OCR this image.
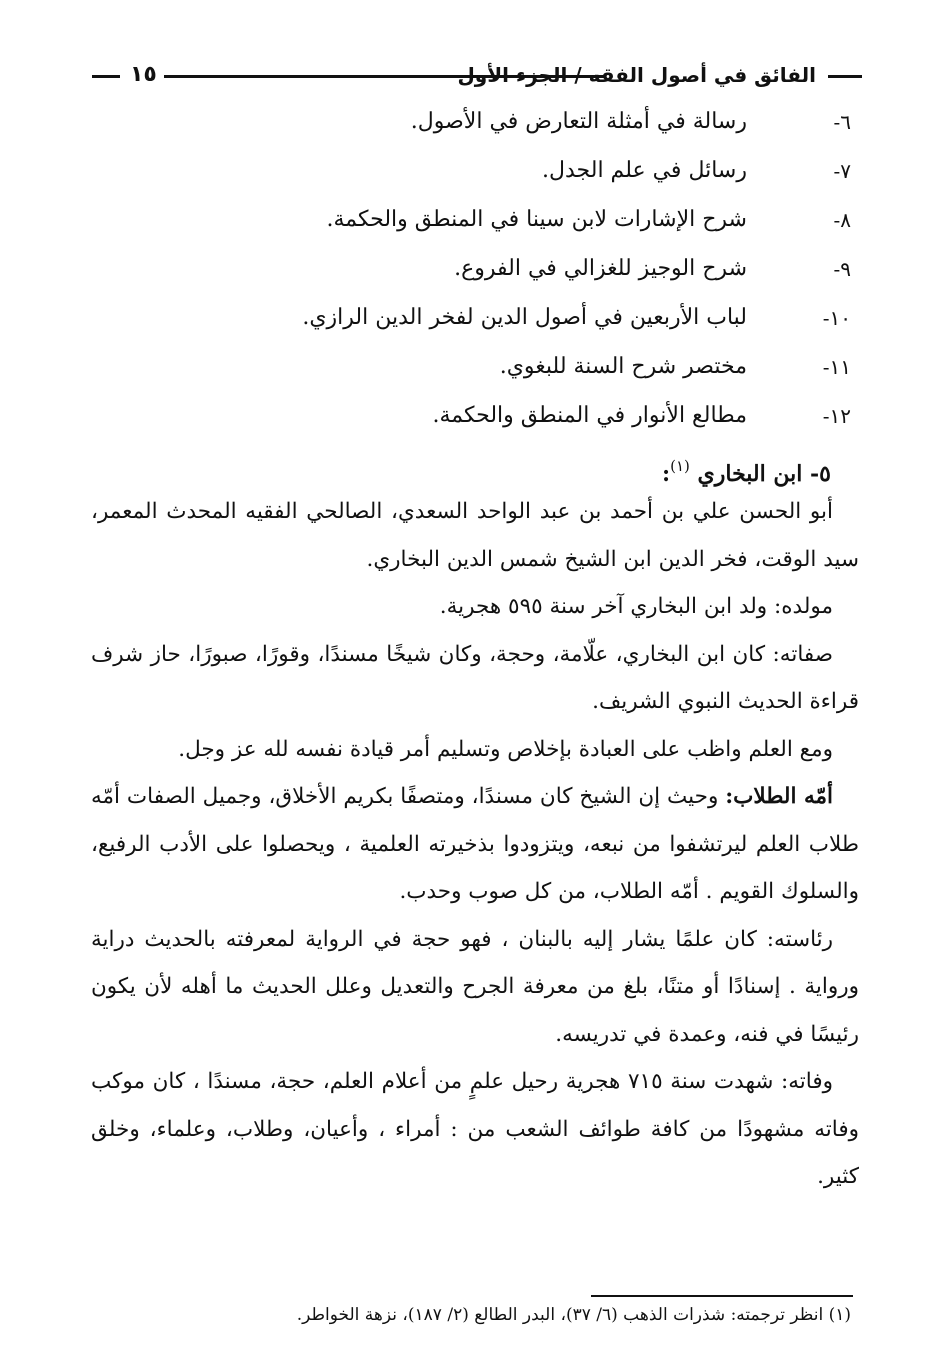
١٥	الفائق في أصول الفقه / الجزء الأول
٦-
رسالة في أمثلة التعارض في الأصول.
٧-
رسائل في علم الجدل.
٨-
شرح الإشارات لابن سينا في المنطق والحكمة.
٩-
شرح الوجيز للغزالي في الفروع.
١٠-
لباب الأربعين في أصول الدين لفخر الدين الرازي.
١١-
مختصر شرح السنة للبغوي.
١٢-
مطالع الأنوار في المنطق والحكمة.
٥- ابن البخاري $^{(١)}$:

أبو الحسن علي بن أحمد بن عبد الواحد السعدي، الصالحي الفقيه المحدث المعمر، سيد الوقت، فخر الدين ابن الشيخ شمس الدين البخاري.

مولده: ولد ابن البخاري آخر سنة ٥٩٥ هجرية.

صفاته: كان ابن البخاري، علّامة، وحجة، وكان شيخًا مسندًا، وقورًا، صبورًا، حاز شرف قراءة الحديث النبوي الشريف.

ومع العلم واظب على العبادة بإخلاص وتسليم أمر قيادة نفسه لله عز وجل.

أمّه الطلاب: وحيث إن الشيخ كان مسندًا، ومتصفًا بكريم الأخلاق، وجميل الصفات أمّه طلاب العلم ليرتشفوا من نبعه، ويتزودوا بذخيرته العلمية ، ويحصلوا على الأدب الرفيع، والسلوك القويم . أمّه الطلاب، من كل صوب وحدب.

رئاسته: كان علمًا يشار إليه بالبنان ، فهو حجة في الرواية لمعرفته بالحديث دراية ورواية . إسنادًا أو متنًا، بلغ من معرفة الجرح والتعديل وعلل الحديث ما أهله لأن يكون رئيسًا في فنه، وعمدة في تدريسه.

وفاته: شهدت سنة ٧١٥ هجرية رحيل علمٍ من أعلام العلم، حجة، مسندًا ، كان موكب وفاته مشهودًا من كافة طوائف الشعب من : أمراء ، وأعيان، وطلاب، وعلماء، وخلق كثير.

(١) انظر ترجمته: شذرات الذهب (٦/ ٣٧)، البدر الطالع (٢/ ١٨٧)، نزهة الخواطر.
